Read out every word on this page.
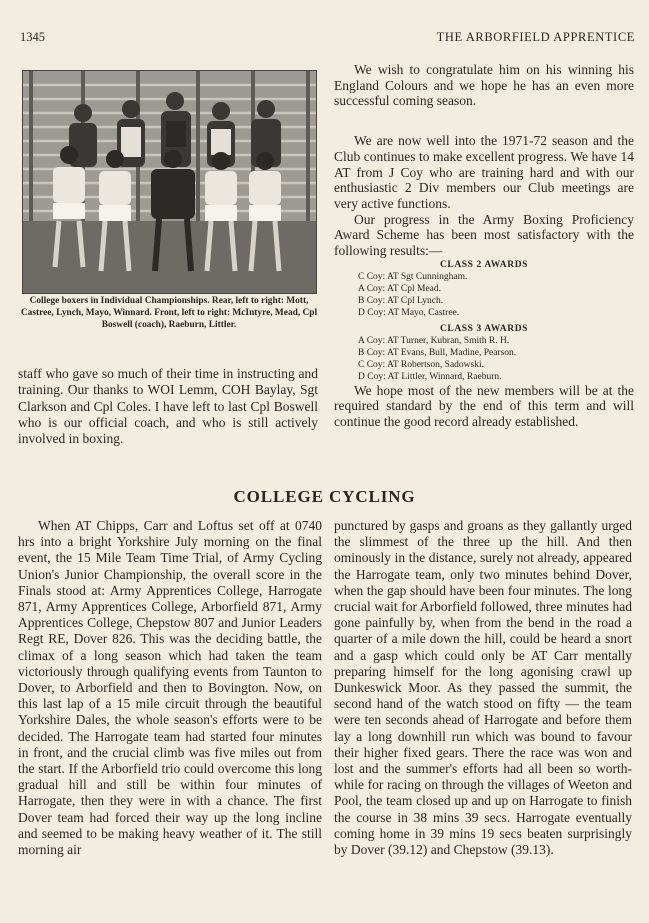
1345	THE ARBORFIELD APPRENTICE
College boxers in Individual Championships. Rear, left to right: Mott, Castree, Lynch, Mayo, Winnard. Front, left to right: McIntyre, Mead, Cpl Boswell (coach), Raeburn, Littler.

staff who gave so much of their time in instructing and training. Our thanks to WOI Lemm, COH Baylay, Sgt Clarkson and Cpl Coles. I have left to last Cpl Boswell who is our official coach, and who is still actively involved in boxing.

We wish to congratulate him on his winning his England Colours and we hope he has an even more successful coming season.

We are now well into the 1971-72 season and the Club continues to make excellent progress. We have 14 AT from J Coy who are training hard and with our enthusiastic 2 Div members our Club meetings are very active functions.

Our progress in the Army Boxing Proficiency Award Scheme has been most satisfactory with the following results:—

CLASS 2 AWARDS
C Coy: AT Sgt Cunningham.
A Coy: AT Cpl Mead.
B Coy: AT Cpl Lynch.
D Coy: AT Mayo, Castree.
CLASS 3 AWARDS
A Coy: AT Turner, Kubran, Smith R. H.
B Coy: AT Evans, Bull, Madine, Pearson.
C Coy: AT Robertson, Sadowski.
D Coy: AT Littler, Winnard, Raeburn.

We hope most of the new members will be at the required standard by the end of this term and will continue the good record already established.

COLLEGE CYCLING

When AT Chipps, Carr and Loftus set off at 0740 hrs into a bright Yorkshire July morning on the final event, the 15 Mile Team Time Trial, of Army Cycling Union's Junior Championship, the overall score in the Finals stood at: Army Apprentices College, Harrogate 871, Army Apprentices College, Arborfield 871, Army Apprentices College, Chepstow 807 and Junior Leaders Regt RE, Dover 826. This was the deciding battle, the climax of a long season which had taken the team victoriously through qualifying events from Taunton to Dover, to Arborfield and then to Bovington. Now, on this last lap of a 15 mile circuit through the beautiful Yorkshire Dales, the whole season's efforts were to be decided. The Harrogate team had started four minutes in front, and the crucial climb was five miles out from the start. If the Arborfield trio could overcome this long gradual hill and still be within four minutes of Harrogate, then they were in with a chance. The first Dover team had forced their way up the long incline and seemed to be making heavy weather of it. The still morning air

punctured by gasps and groans as they gallantly urged the slimmest of the three up the hill. And then ominously in the distance, surely not already, appeared the Harrogate team, only two minutes behind Dover, when the gap should have been four minutes. The long crucial wait for Arborfield followed, three minutes had gone painfully by, when from the bend in the road a quarter of a mile down the hill, could be heard a snort and a gasp which could only be AT Carr mentally preparing himself for the long agonising crawl up Dunkeswick Moor. As they passed the summit, the second hand of the watch stood on fifty — the team were ten seconds ahead of Harrogate and before them lay a long downhill run which was bound to favour their higher fixed gears. There the race was won and lost and the summer's efforts had all been so worth-while for racing on through the villages of Weeton and Pool, the team closed up and up on Harrogate to finish the course in 38 mins 39 secs. Harrogate eventually coming home in 39 mins 19 secs beaten surprisingly by Dover (39.12) and Chepstow (39.13).
